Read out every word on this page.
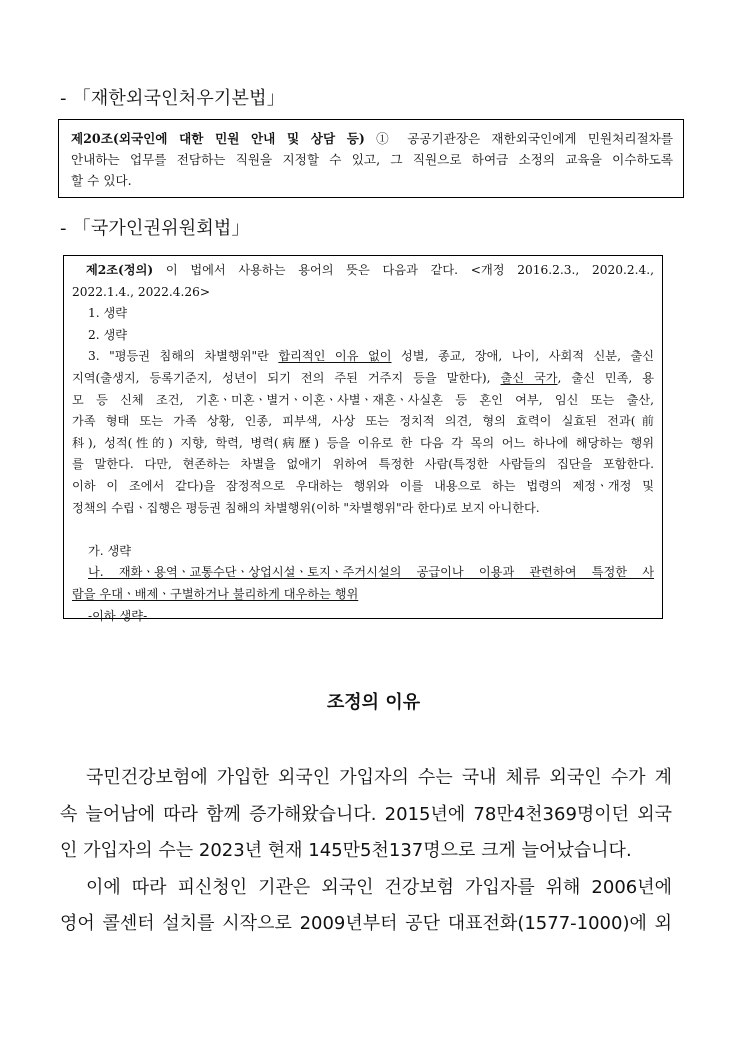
- 「재한외국인처우기본법」
제20조(외국인에 대한 민원 안내 및 상담 등) ① 공공기관장은 재한외국인에게 민원처리절차를
안내하는 업무를 전담하는 직원을 지정할 수 있고, 그 직원으로 하여금 소정의 교육을 이수하도록
할 수 있다.
- 「국가인권위원회법」
제2조(정의) 이 법에서 사용하는 용어의 뜻은 다음과 같다. <개정 2016.2.3., 2020.2.4.,
2022.1.4., 2022.4.26>
1. 생략
2. 생략
3. "평등권 침해의 차별행위"란 합리적인 이유 없이 성별, 종교, 장애, 나이, 사회적 신분, 출신
지역(출생지, 등록기준지, 성년이 되기 전의 주된 거주지 등을 말한다), 출신 국가, 출신 민족, 용
모 등 신체 조건, 기혼ㆍ미혼ㆍ별거ㆍ이혼ㆍ사별ㆍ재혼ㆍ사실혼 등 혼인 여부, 임신 또는 출산,
가족 형태 또는 가족 상황, 인종, 피부색, 사상 또는 정치적 의견, 형의 효력이 실효된 전과(前
科), 성적(性的) 지향, 학력, 병력(病歷) 등을 이유로 한 다음 각 목의 어느 하나에 해당하는 행위
를 말한다. 다만, 현존하는 차별을 없애기 위하여 특정한 사람(특정한 사람들의 집단을 포함한다.
이하 이 조에서 같다)을 잠정적으로 우대하는 행위와 이를 내용으로 하는 법령의 제정ㆍ개정 및
정책의 수립ㆍ집행은 평등권 침해의 차별행위(이하 "차별행위"라 한다)로 보지 아니한다.
가. 생략
나. 재화ㆍ용역ㆍ교통수단ㆍ상업시설ㆍ토지ㆍ주거시설의 공급이나 이용과 관련하여 특정한 사
람을 우대ㆍ배제ㆍ구별하거나 불리하게 대우하는 행위
-이하 생략-
조정의 이유
국민건강보험에 가입한 외국인 가입자의 수는 국내 체류 외국인 수가 계
속 늘어남에 따라 함께 증가해왔습니다. 2015년에 78만4천369명이던 외국
인 가입자의 수는 2023년 현재 145만5천137명으로 크게 늘어났습니다.
이에 따라 피신청인 기관은 외국인 건강보험 가입자를 위해 2006년에
영어 콜센터 설치를 시작으로 2009년부터 공단 대표전화(1577-1000)에 외
